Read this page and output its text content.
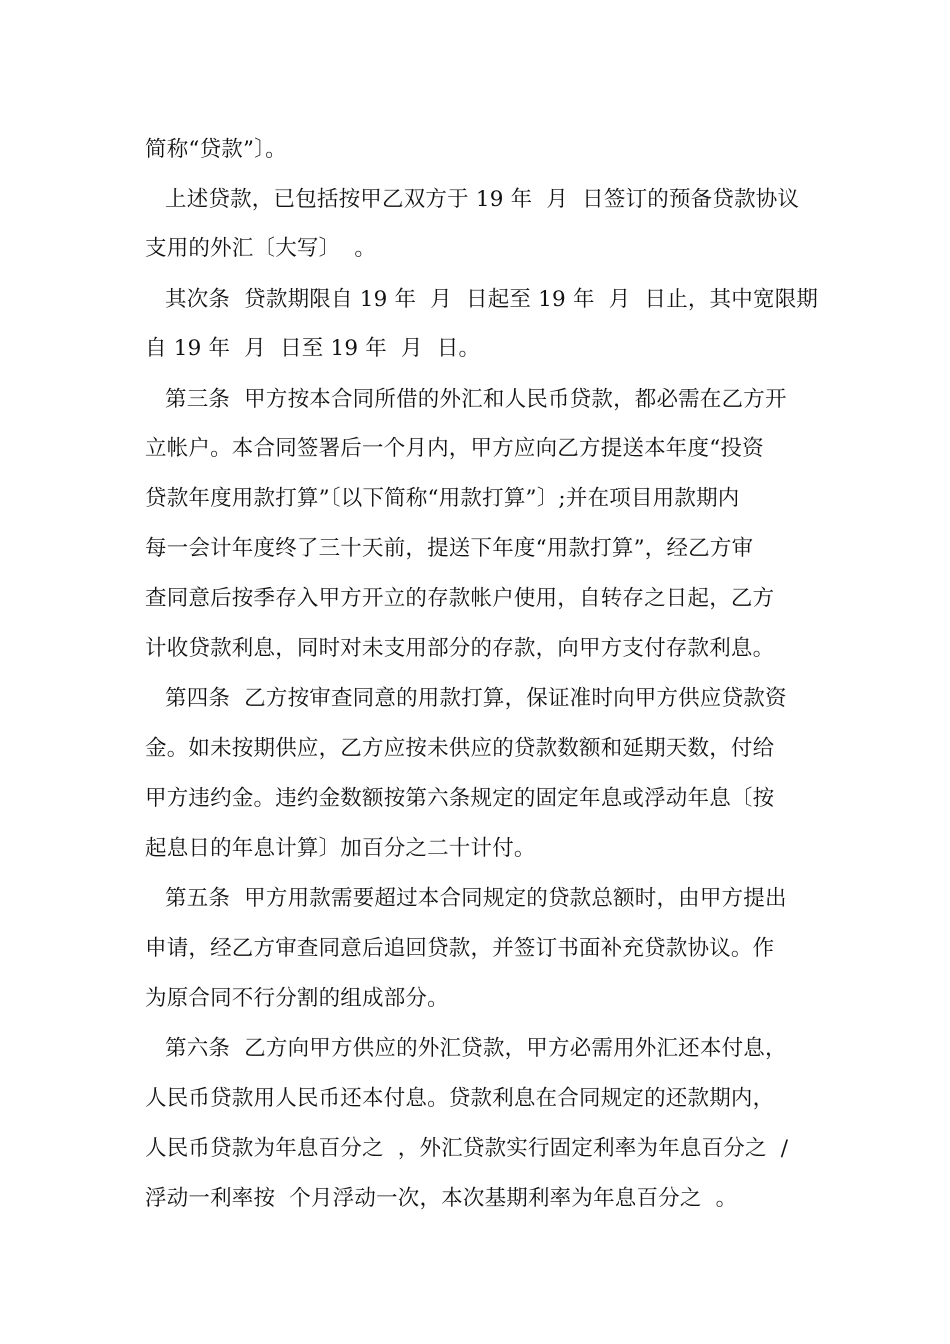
简称“贷款”〕。
上述贷款，已包括按甲乙双方于 19 年  月  日签订的预备贷款协议
支用的外汇〔大写〕  。
其次条  贷款期限自 19 年  月  日起至 19 年  月  日止，其中宽限期
自 19 年  月  日至 19 年  月  日。
第三条  甲方按本合同所借的外汇和人民币贷款，都必需在乙方开
立帐户。本合同签署后一个月内，甲方应向乙方提送本年度“投资
贷款年度用款打算”〔以下简称“用款打算”〕;并在项目用款期内
每一会计年度终了三十天前，提送下年度“用款打算”，经乙方审
查同意后按季存入甲方开立的存款帐户使用，自转存之日起，乙方
计收贷款利息，同时对未支用部分的存款，向甲方支付存款利息。
第四条  乙方按审查同意的用款打算，保证准时向甲方供应贷款资
金。如未按期供应，乙方应按未供应的贷款数额和延期天数，付给
甲方违约金。违约金数额按第六条规定的固定年息或浮动年息〔按
起息日的年息计算〕加百分之二十计付。
第五条  甲方用款需要超过本合同规定的贷款总额时，由甲方提出
申请，经乙方审查同意后追回贷款，并签订书面补充贷款协议。作
为原合同不行分割的组成部分。
第六条  乙方向甲方供应的外汇贷款，甲方必需用外汇还本付息，
人民币贷款用人民币还本付息。贷款利息在合同规定的还款期内，
人民币贷款为年息百分之  ，外汇贷款实行固定利率为年息百分之  /
浮动一利率按  个月浮动一次，本次基期利率为年息百分之  。
